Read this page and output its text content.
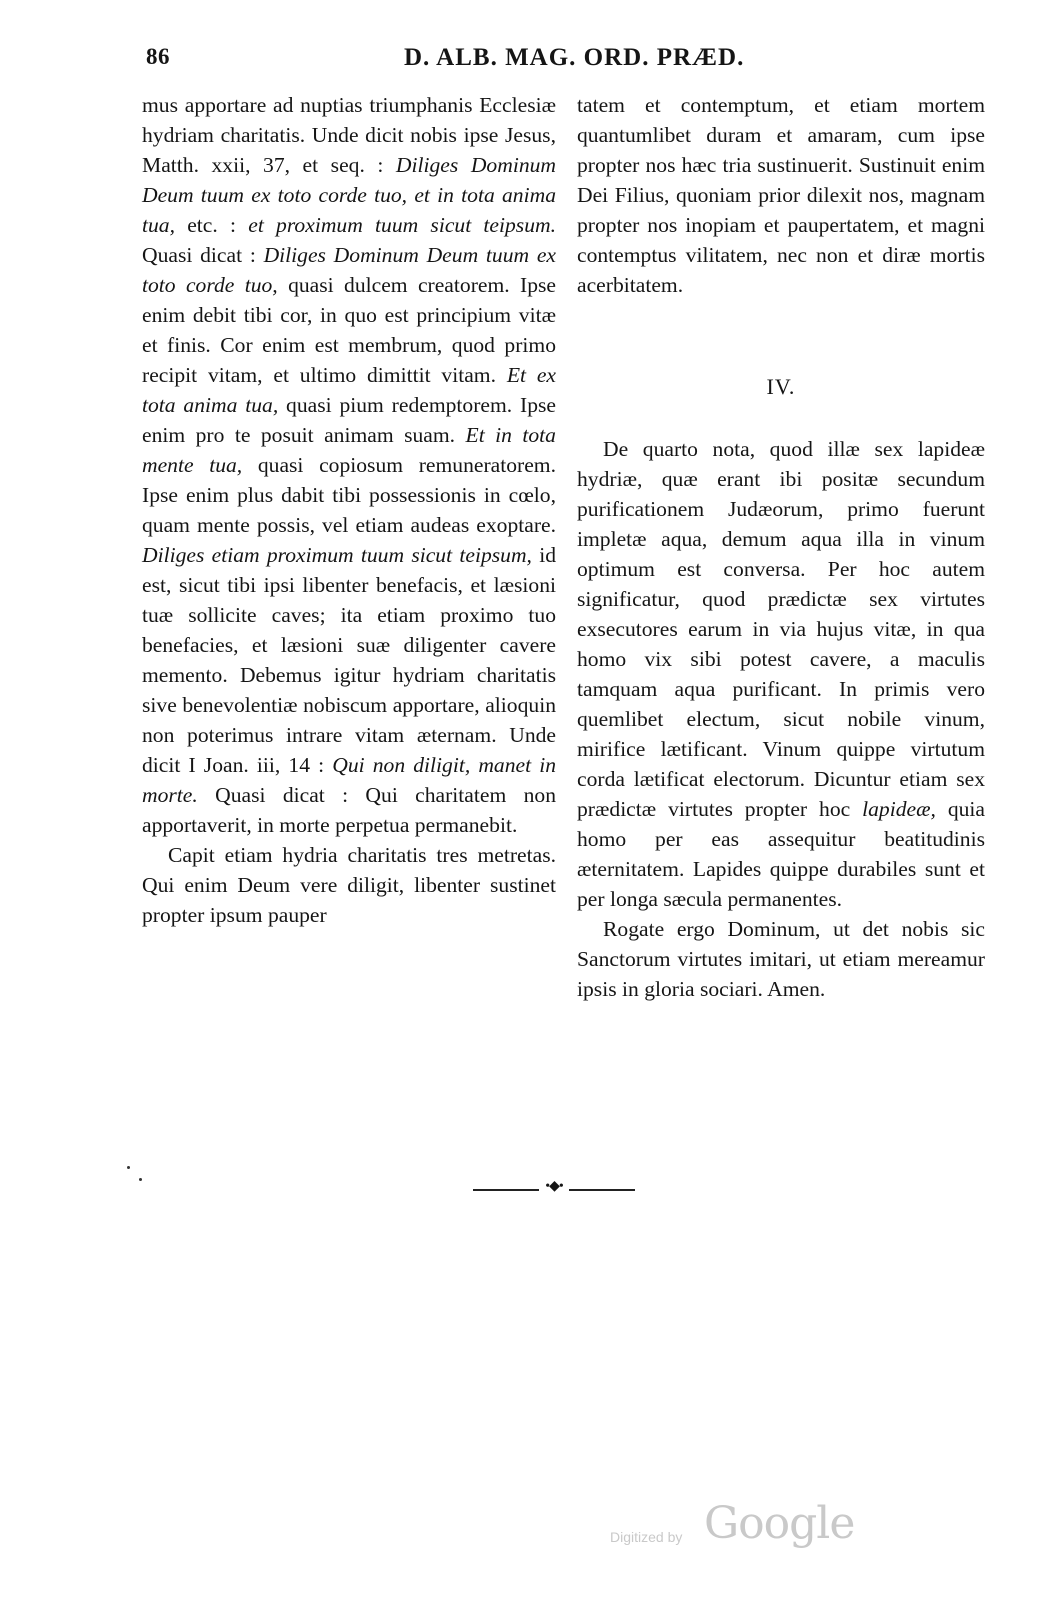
86	D. ALB. MAG. ORD. PRÆD.

mus apportare ad nuptias triumphanis Ecclesiæ hydriam charitatis. Unde dicit nobis ipse Jesus, Matth. xxii, 37, et seq. : Diliges Dominum Deum tuum ex toto corde tuo, et in tota anima tua, etc. : et proximum tuum sicut teipsum. Quasi dicat : Diliges Dominum Deum tuum ex toto corde tuo, quasi dulcem creatorem. Ipse enim debit tibi cor, in quo est principium vitæ et finis. Cor enim est membrum, quod primo recipit vitam, et ultimo dimittit vitam. Et ex tota anima tua, quasi pium redemptorem. Ipse enim pro te posuit animam suam. Et in tota mente tua, quasi copiosum remuneratorem. Ipse enim plus dabit tibi possessionis in cœlo, quam mente possis, vel etiam audeas exoptare. Diliges etiam proximum tuum sicut teipsum, id est, sicut tibi ipsi libenter benefacis, et læsioni tuæ sollicite caves; ita etiam proximo tuo benefacies, et læsioni suæ diligenter cavere memento. Debemus igitur hydriam charitatis sive benevolentiæ nobiscum apportare, alioquin non poterimus intrare vitam æternam. Unde dicit I Joan. iii, 14 : Qui non diligit, manet in morte. Quasi dicat : Qui charitatem non apportaverit, in morte perpetua permanebit.

Capit etiam hydria charitatis tres metretas. Qui enim Deum vere diligit, libenter sustinet propter ipsum pauper

tatem et contemptum, et etiam mortem quantumlibet duram et amaram, cum ipse propter nos hæc tria sustinuerit. Sustinuit enim Dei Filius, quoniam prior dilexit nos, magnam propter nos inopiam et paupertatem, et magni contemptus vilitatem, nec non et diræ mortis acerbitatem.

IV.

De quarto nota, quod illæ sex lapideæ hydriæ, quæ erant ibi positæ secundum purificationem Judæorum, primo fuerunt impletæ aqua, demum aqua illa in vinum optimum est conversa. Per hoc autem significatur, quod prædictæ sex virtutes exsecutores earum in via hujus vitæ, in qua homo vix sibi potest cavere, a maculis tamquam aqua purificant. In primis vero quemlibet electum, sicut nobile vinum, mirifice lætificant. Vinum quippe virtutum corda lætificat electorum. Dicuntur etiam sex prædictæ virtutes propter hoc lapideæ, quia homo per eas assequitur beatitudinis æternitatem. Lapides quippe durabiles sunt et per longa sæcula permanentes.

Rogate ergo Dominum, ut det nobis sic Sanctorum virtutes imitari, ut etiam mereamur ipsis in gloria sociari. Amen.

•◆•
Digitized by Google
